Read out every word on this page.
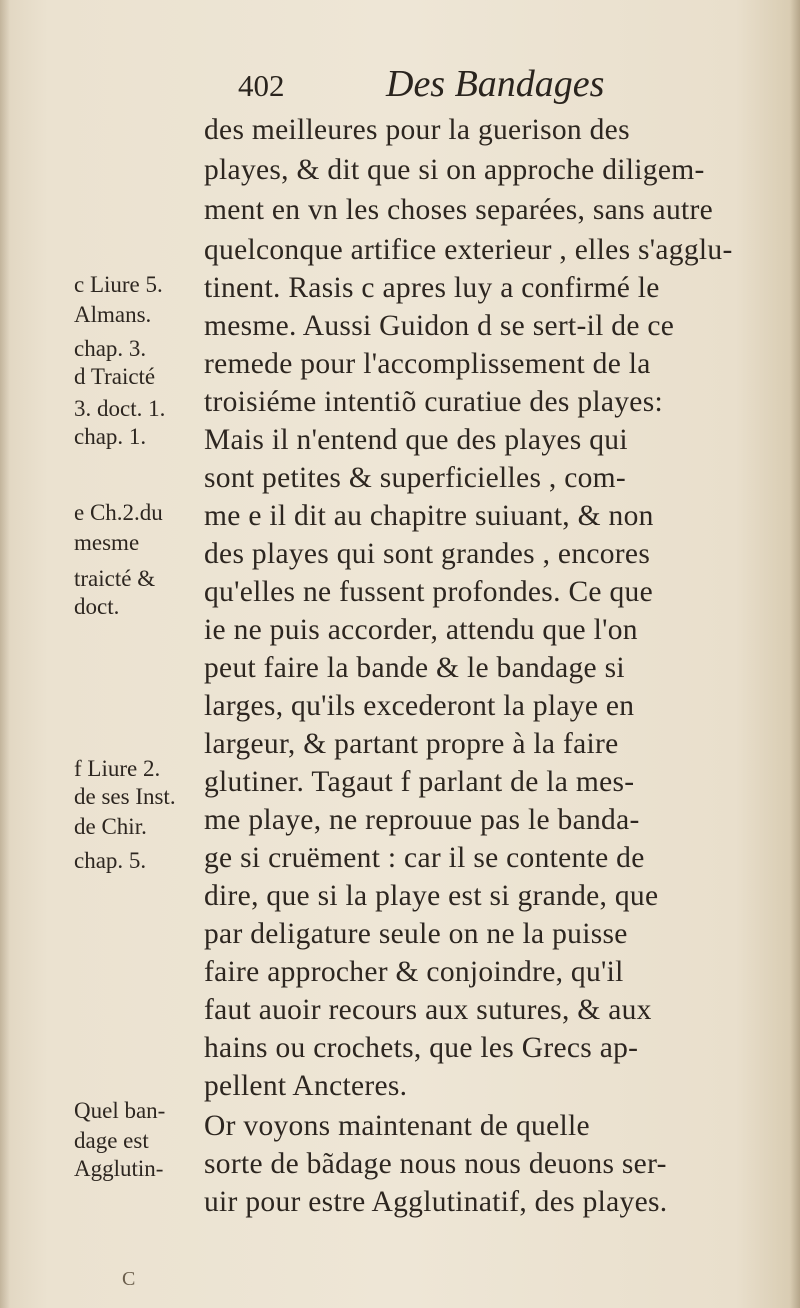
402	Des Bandages
des meilleures pour la guerison des
playes, & dit que si on approche diligem-
ment en vn les choses separées, sans autre
quelconque artifice exterieur , elles s'agglu-
tinent. Rasis c apres luy a confirmé le
mesme. Aussi Guidon d se sert-il de ce
remede pour l'accomplissement de la
troisiéme intentiõ curatiue des playes:
Mais il n'entend que des playes qui
sont petites & superficielles , com-
me e il dit au chapitre suiuant, & non
des playes qui sont grandes , encores
qu'elles ne fussent profondes. Ce que
ie ne puis accorder, attendu que l'on
peut faire la bande & le bandage si
larges, qu'ils excederont la playe en
largeur, & partant propre à la faire
glutiner. Tagaut f parlant de la mes-
me playe, ne reprouue pas le banda-
ge si cruëment : car il se contente de
dire, que si la playe est si grande, que
par deligature seule on ne la puisse
faire approcher & conjoindre, qu'il
faut auoir recours aux sutures, & aux
hains ou crochets, que les Grecs ap-
pellent Ancteres.
Or voyons maintenant de quelle
sorte de bãdage nous nous deuons ser-
uir pour estre Agglutinatif, des playes.
c Liure 5.
Almans.
chap. 3.
d Traicté
3. doct. 1.
chap. 1.
e Ch.2.du
mesme
traicté &
doct.
f Liure 2.
de ses Inst.
de Chir.
chap. 5.
Quel ban-
dage est
Agglutin-
C
